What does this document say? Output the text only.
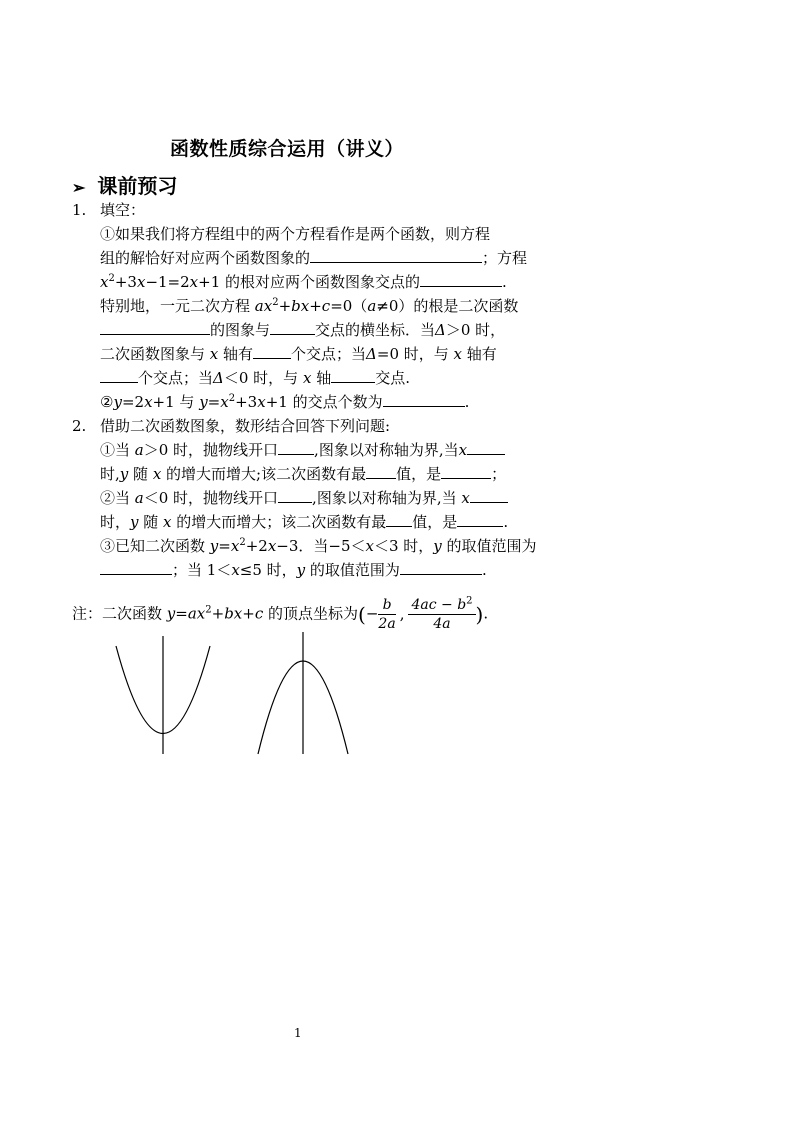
函数性质综合运用（讲义）
➢ 课前预习
1. 填空：
①如果我们将方程组中的两个方程看作是两个函数，则方程
组的解恰好对应两个函数图象的	；方程
$x^2+3x-1=2x+1$ 的根对应两个函数图象交点的	.
特别地，一元二次方程 $ax^2+bx+c=0(a\ne 0)$的根是二次函数
的图象与	交点的横坐标．当Δ＞0 时，
二次函数图象与 x 轴有	个交点；当Δ=0 时，与 x 轴有
个交点；当Δ＜0 时，与 x 轴	交点.
②y=2x+1 与 $y=x^2+3x+1$ 的交点个数为	.
2. 借助二次函数图象，数形结合回答下列问题:
①当 a＞0 时，抛物线开口 ,图象以对称轴为界,当x
时,y 随 x 的增大而增大;该二次函数有最 值，是	；
②当 a＜0 时，抛物线开口 ,图象以对称轴为界,当 x
时，y 随 x 的增大而增大；该二次函数有最 值，是	.
③已知二次函数 $y=x^2+2x-3$．当−5＜x＜3 时，y 的取值范围为
；当 1＜x≤5 时，y 的取值范围为	.
注：二次函数 $y=ax^2+bx+c$ 的顶点坐标为(− $\frac{b}{2a}$ , $\frac{4ac - b^2}{4a}$ ).
1
